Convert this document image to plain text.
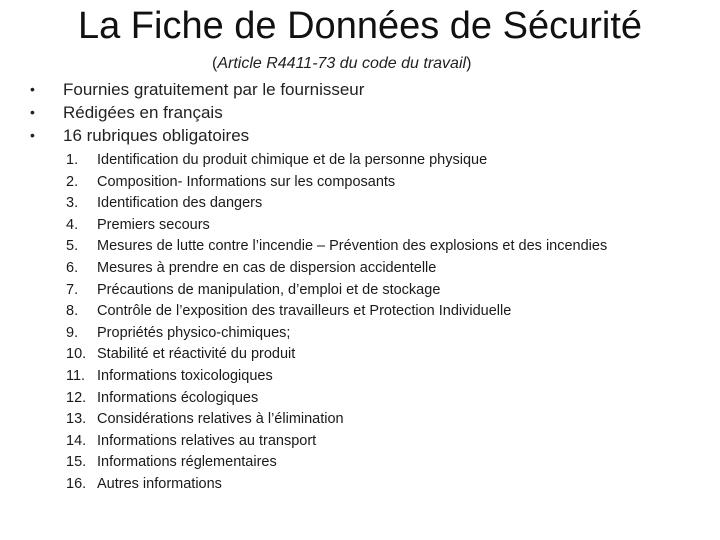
La Fiche de Données de Sécurité
(Article R4411-73 du code du travail)
• Fournies gratuitement par le fournisseur
• Rédigées en français
• 16 rubriques obligatoires
1. Identification du produit chimique et de la personne physique
2. Composition- Informations sur les composants
3. Identification des dangers
4. Premiers secours
5. Mesures de lutte contre l’incendie – Prévention des explosions et des incendies
6. Mesures à prendre en cas de dispersion accidentelle
7. Précautions de manipulation, d’emploi et de stockage
8. Contrôle de l’exposition des travailleurs et Protection Individuelle
9. Propriétés physico-chimiques;
10. Stabilité et réactivité du produit
11. Informations toxicologiques
12. Informations écologiques
13. Considérations relatives à l’élimination
14. Informations relatives au transport
15. Informations réglementaires
16. Autres informations
